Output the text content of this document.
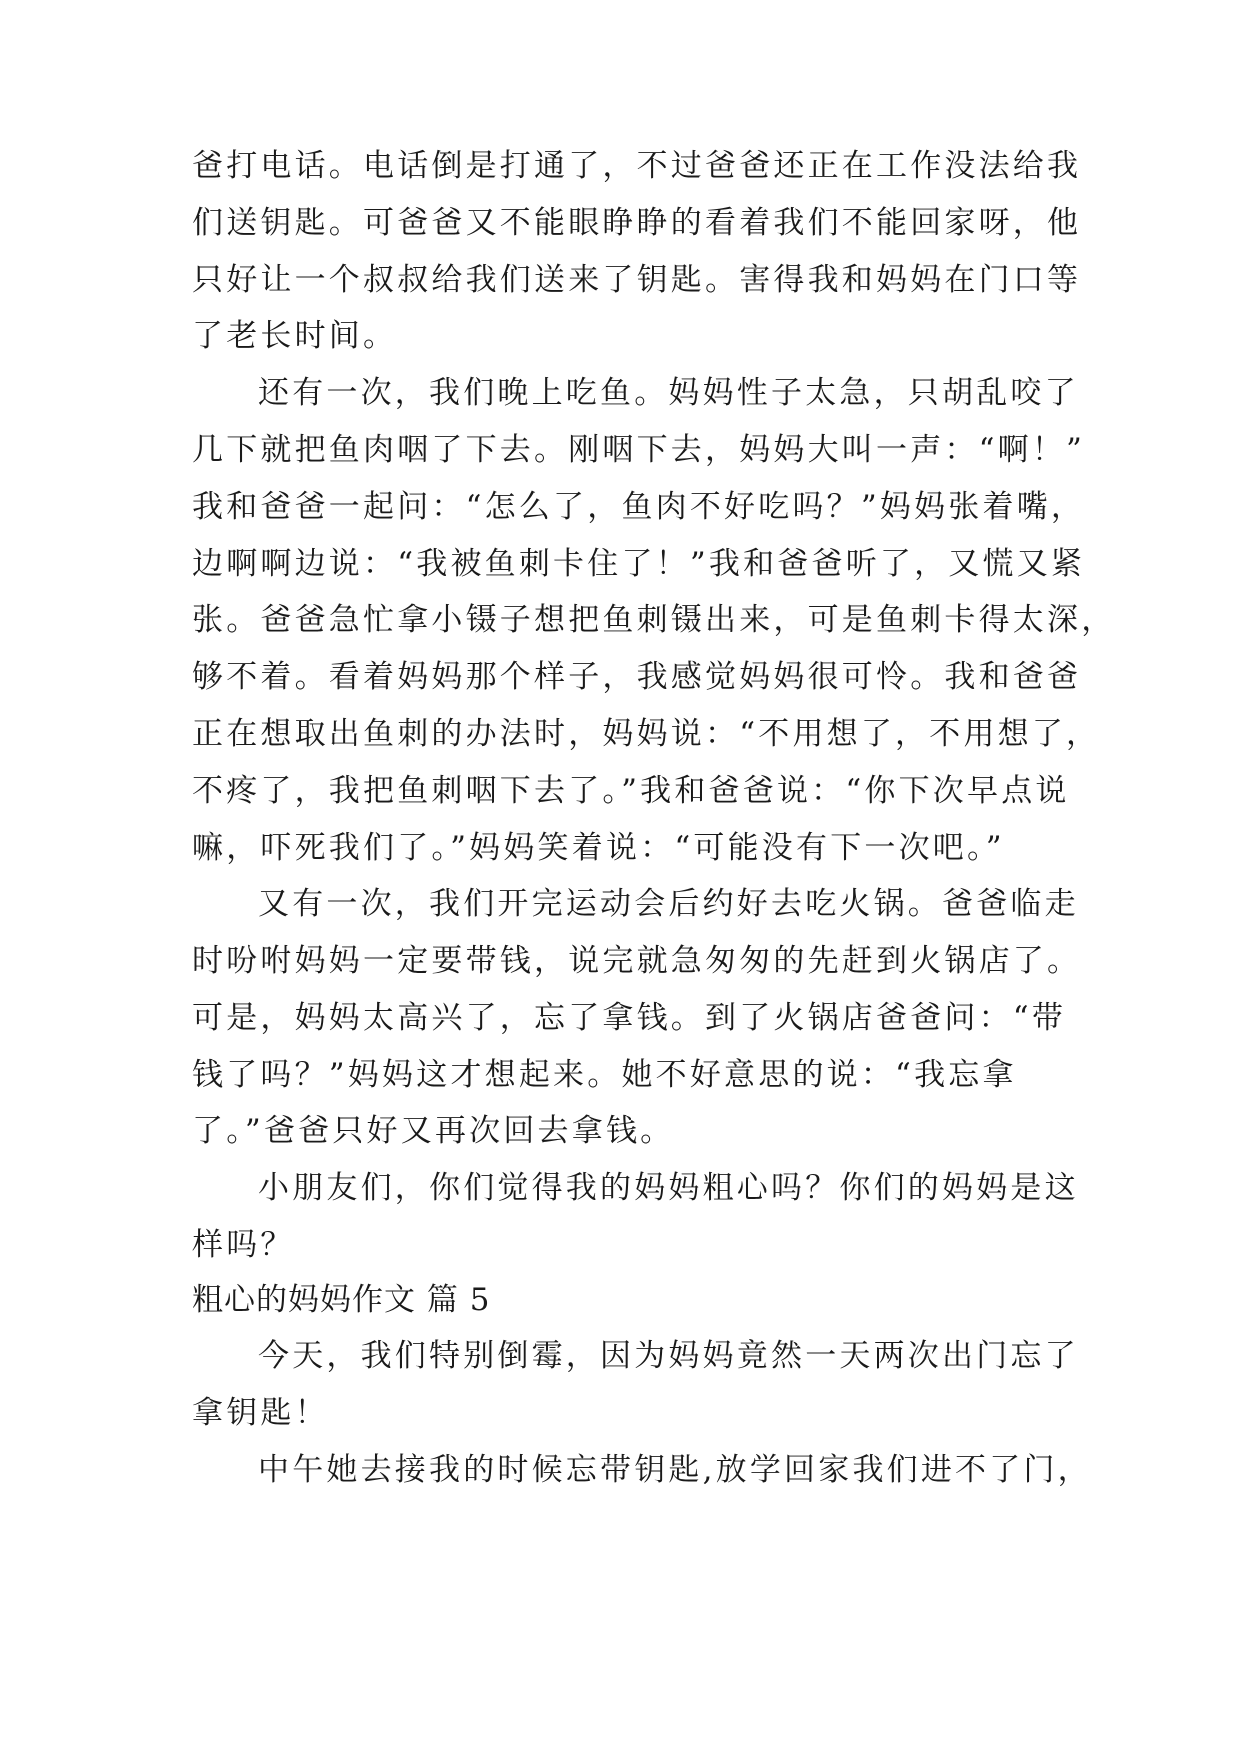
爸打电话。电话倒是打通了，不过爸爸还正在工作没法给我
们送钥匙。可爸爸又不能眼睁睁的看着我们不能回家呀，他
只好让一个叔叔给我们送来了钥匙。害得我和妈妈在门口等
了老长时间。
还有一次，我们晚上吃鱼。妈妈性子太急，只胡乱咬了
几下就把鱼肉咽了下去。刚咽下去，妈妈大叫一声：“啊！”
我和爸爸一起问：“怎么了，鱼肉不好吃吗？”妈妈张着嘴，
边啊啊边说：“我被鱼刺卡住了！”我和爸爸听了，又慌又紧
张。爸爸急忙拿小镊子想把鱼刺镊出来，可是鱼刺卡得太深，
够不着。看着妈妈那个样子，我感觉妈妈很可怜。我和爸爸
正在想取出鱼刺的办法时，妈妈说：“不用想了，不用想了，
不疼了，我把鱼刺咽下去了。”我和爸爸说：“你下次早点说
嘛，吓死我们了。”妈妈笑着说：“可能没有下一次吧。”
又有一次，我们开完运动会后约好去吃火锅。爸爸临走
时吩咐妈妈一定要带钱，说完就急匆匆的先赶到火锅店了。
可是，妈妈太高兴了，忘了拿钱。到了火锅店爸爸问：“带
钱了吗？”妈妈这才想起来。她不好意思的说：“我忘拿
了。”爸爸只好又再次回去拿钱。
小朋友们，你们觉得我的妈妈粗心吗？你们的妈妈是这
样吗？
粗心的妈妈作文 篇 5
今天，我们特别倒霉，因为妈妈竟然一天两次出门忘了
拿钥匙！
中午她去接我的时候忘带钥匙,放学回家我们进不了门，
